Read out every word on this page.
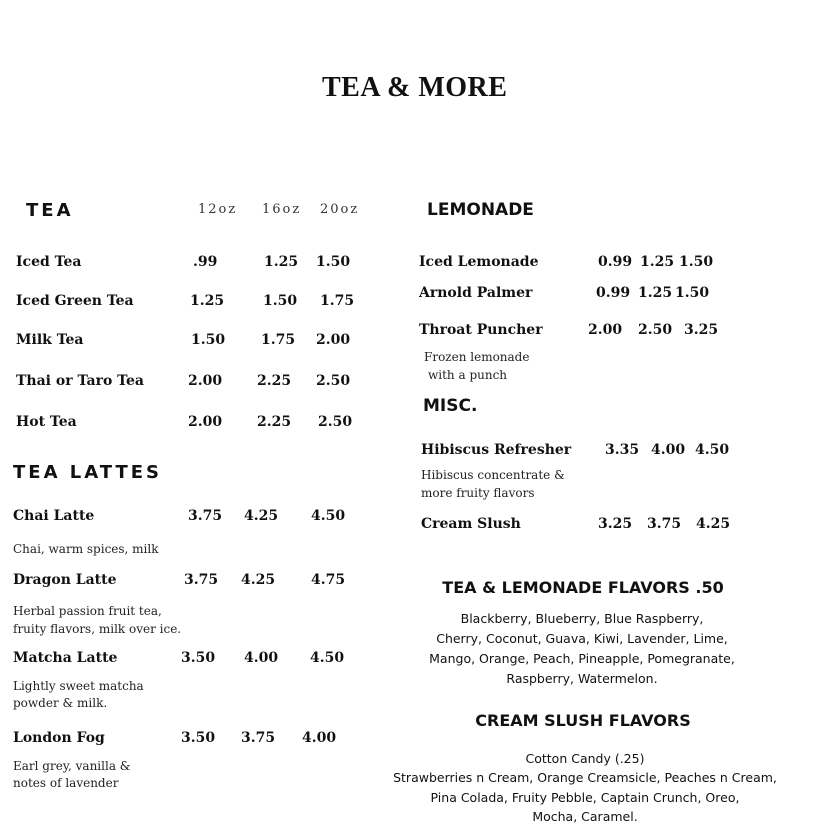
TEA & MORE
TEA	12oz 16oz 20oz
Iced Tea	.99	1.25 1.50
Iced Green Tea	1.25	1.50 1.75
Milk Tea	1.50	1.75 2.00
Thai or Taro Tea	2.00 2.25 2.50
Hot Tea	2.00 2.25 2.50
TEA LATTES
Chai Latte	3.75 4.25 4.50
Chai, warm spices, milk
Dragon Latte	3.75 4.25	4.75
Herbal passion fruit tea,
fruity flavors, milk over ice.
Matcha Latte	3.50 4.00 4.50
Lightly sweet matcha
powder & milk.
London Fog	3.50 3.75 4.00
Earl grey, vanilla &
notes of lavender
LEMONADE
Iced Lemonade	0.99 1.25 1.50
Arnold Palmer	0.99 1.25 1.50
Throat Puncher	2.00 2.50 3.25
Frozen lemonade
with a punch
MISC.
Hibiscus Refresher 3.35 4.00 4.50
Hibiscus concentrate &
more fruity flavors
Cream Slush	3.25 3.75 4.25
TEA & LEMONADE FLAVORS .50
Blackberry, Blueberry, Blue Raspberry,
Cherry, Coconut, Guava, Kiwi, Lavender, Lime,
Mango, Orange, Peach, Pineapple, Pomegranate,
Raspberry, Watermelon.
CREAM SLUSH FLAVORS
Cotton Candy (.25)
Strawberries n Cream, Orange Creamsicle, Peaches n Cream,
Pina Colada, Fruity Pebble, Captain Crunch, Oreo,
Mocha, Caramel.
